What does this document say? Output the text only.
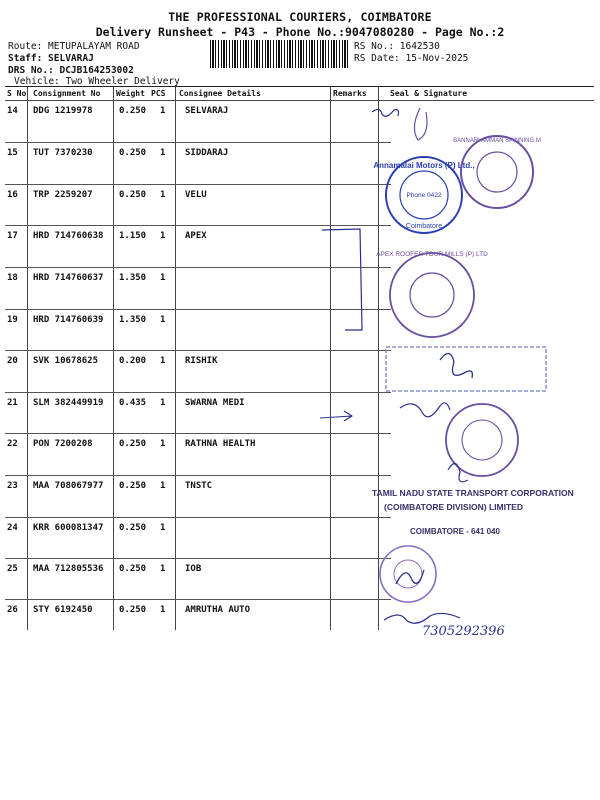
THE PROFESSIONAL COURIERS, COIMBATORE
Delivery Runsheet - P43 - Phone No.:9047080280 - Page No.:2
Route: METUPALAYAM ROAD
Staff: SELVARAJ
DRS No.: DCJB164253002
Vehicle: Two Wheeler Delivery
RS No.: 1642530
RS Date: 15-Nov-2025
S No Consignment No Weight PCS Consignee Details	Remarks	Seal & Signature
14 DDG 1219978	0.250 1 SELVARAJ
15 TUT 7370230	0.250 1 SIDDARAJ
16 TRP 2259207	0.250 1 VELU
17 HRD 714760638 1.150 1 APEX
18 HRD 714760637 1.350 1
19 HRD 714760639 1.350 1
20 SVK 10678625 0.200 1 RISHIK
21 SLM 382449919 0.435 1 SWARNA MEDI
22 PON 7200208	0.250 1 RATHNA HEALTH
23 MAA 708067977 0.250 1 TNSTC
24 KRR 600081347 0.250 1
25 MAA 712805536 0.250 1 IOB
26 STY 6192450	0.250 1 AMRUTHA AUTO
Annamalai Motors (P) Ltd.,
Phone 0422
Coimbatore
BANNARI AMMAN SPINNING M
APEX ROOFER TOUR MILLS (P) LTD
TAMIL NADU STATE TRANSPORT CORPORATION
(COIMBATORE DIVISION) LIMITED
COIMBATORE - 641 040
7305292396
